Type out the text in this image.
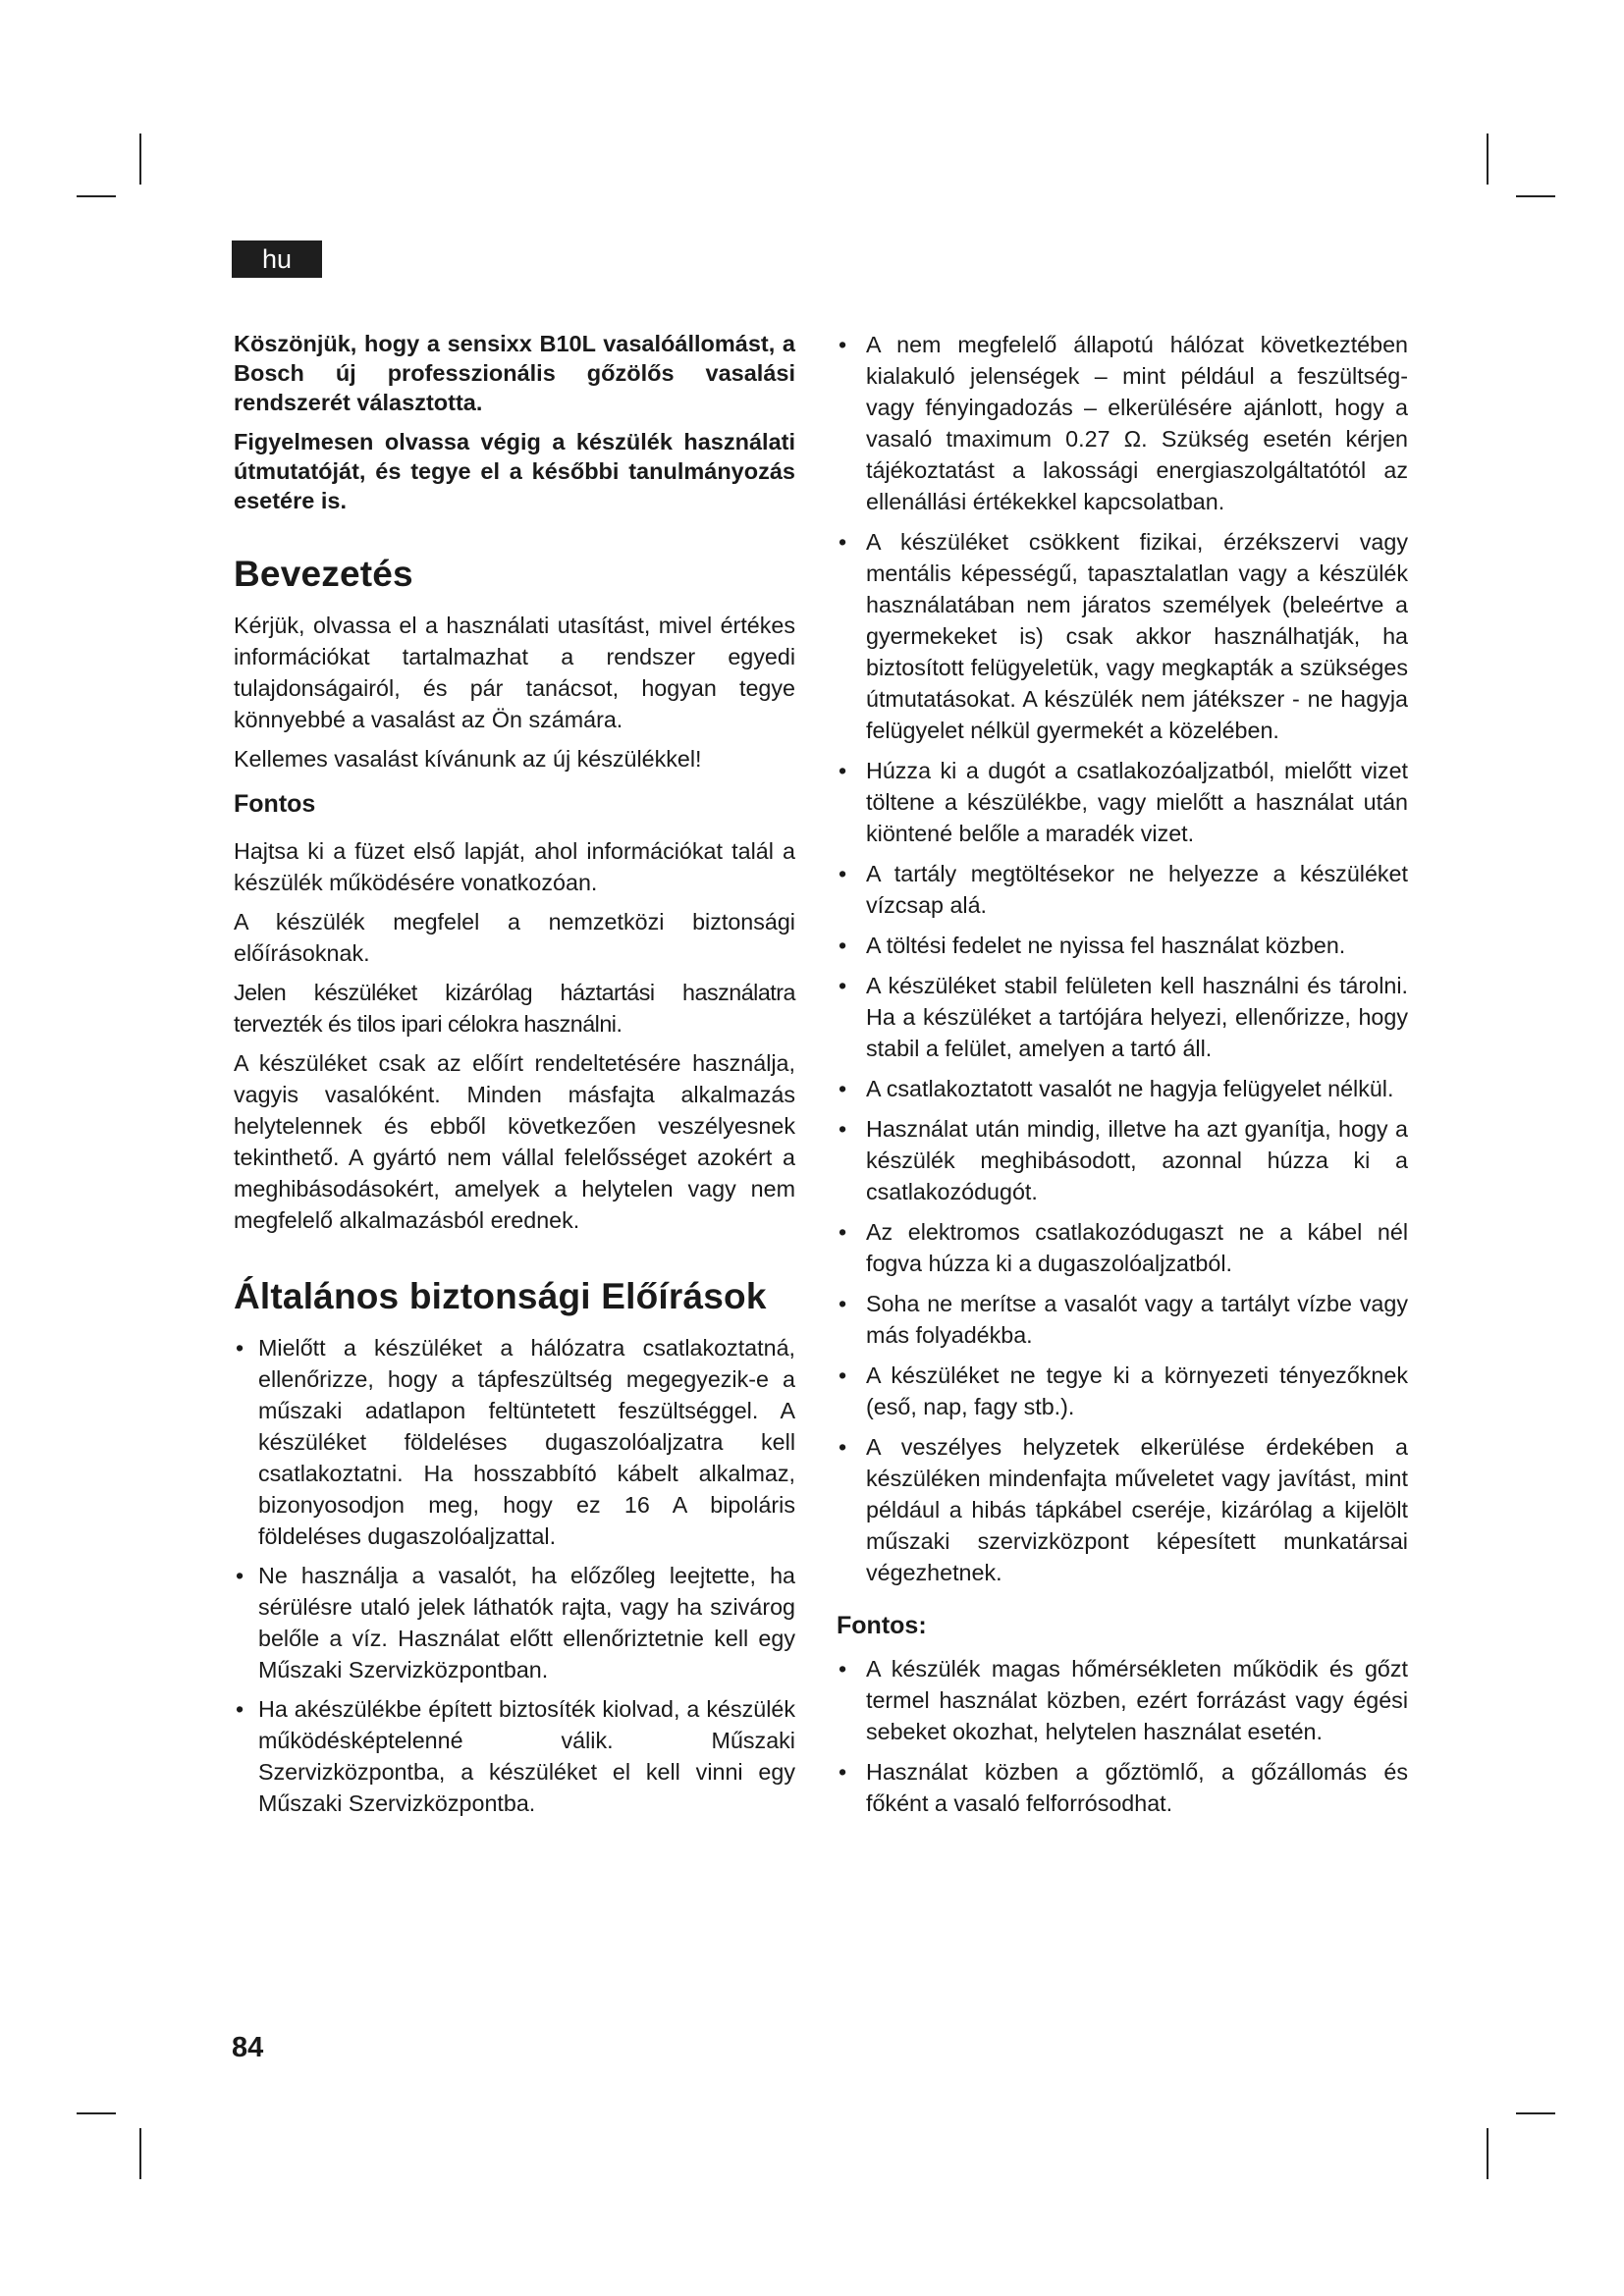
hu

Köszönjük, hogy a sensixx B10L vasalóállomást, a Bosch új professzionális gőzölős vasalási rendszerét választotta.

Figyelmesen olvassa végig a készülék használati útmutatóját, és tegye el a későbbi tanulmányozás esetére is.

Bevezetés

Kérjük, olvassa el a használati utasítást, mivel értékes információkat tartalmazhat a rendszer egyedi tulajdonságairól, és pár tanácsot, hogyan tegye könnyebbé a vasalást az Ön számára.

Kellemes vasalást kívánunk az új készülékkel!

Fontos

Hajtsa ki a füzet első lapját, ahol információkat talál a készülék működésére vonatkozóan.

A készülék megfelel a nemzetközi biztonsági előírásoknak.

Jelen készüléket kizárólag háztartási használatra tervezték és tilos ipari célokra használni.

A készüléket csak az előírt rendeltetésére használja, vagyis vasalóként. Minden másfajta alkalmazás helytelennek és ebből következően veszélyesnek tekinthető. A gyártó nem vállal felelősséget azokért a meghibásodásokért, amelyek a helytelen vagy nem megfelelő alkalmazásból erednek.

Általános biztonsági Előírások
• Mielőtt a készüléket a hálózatra csatlakoztatná, ellenőrizze, hogy a tápfeszültség megegyezik-e a műszaki adatlapon feltüntetett feszültséggel. A készüléket földeléses dugaszolóaljzatra kell csatlakoztatni. Ha hosszabbító kábelt alkalmaz, bizonyosodjon meg, hogy ez 16 A bipoláris földeléses dugaszolóaljzattal.
• Ne használja a vasalót, ha előzőleg leejtette, ha sérülésre utaló jelek láthatók rajta, vagy ha szivárog belőle a víz. Használat előtt ellenőriztetnie kell egy Műszaki Szervizközpontban.
• Ha akészülékbe épített biztosíték kiolvad, a készülék működésképtelenné válik. Műszaki Szervizközpontba, a készüléket el kell vinni egy Műszaki Szervizközpontba.
• A nem megfelelő állapotú hálózat következtében kialakuló jelenségek – mint például a feszültség- vagy fényingadozás – elkerülésére ajánlott, hogy a vasaló tmaximum 0.27 Ω. Szükség esetén kérjen tájékoztatást a lakossági energiaszolgáltatótól az ellenállási értékekkel kapcsolatban.
• A készüléket csökkent fizikai, érzékszervi vagy mentális képességű, tapasztalatlan vagy a készülék használatában nem járatos személyek (beleértve a gyermekeket is) csak akkor használhatják, ha biztosított felügyeletük, vagy megkapták a szükséges útmutatásokat. A készülék nem játékszer - ne hagyja felügyelet nélkül gyermekét a közelében.
• Húzza ki a dugót a csatlakozóaljzatból, mielőtt vizet töltene a készülékbe, vagy mielőtt a használat után kiöntené belőle a maradék vizet.
• A tartály megtöltésekor ne helyezze a készüléket vízcsap alá.
• A töltési fedelet ne nyissa fel használat közben.
• A készüléket stabil felületen kell használni és tárolni. Ha a készüléket a tartójára helyezi, ellenőrizze, hogy stabil a felület, amelyen a tartó áll.
• A csatlakoztatott vasalót ne hagyja felügyelet nélkül.
• Használat után mindig, illetve ha azt gyanítja, hogy a készülék meghibásodott, azonnal húzza ki a csatlakozódugót.
• Az elektromos csatlakozódugaszt ne a kábel nél fogva húzza ki a dugaszolóaljzatból.
• Soha ne merítse a vasalót vagy a tartályt vízbe vagy más folyadékba.
• A készüléket ne tegye ki a környezeti tényezőknek (eső, nap, fagy stb.).
• A veszélyes helyzetek elkerülése érdekében a készüléken mindenfajta műveletet vagy javítást, mint például a hibás tápkábel cseréje, kizárólag a kijelölt műszaki szervizközpont képesített munkatársai végezhetnek.
Fontos:
• A készülék magas hőmérsékleten működik és gőzt termel használat közben, ezért forrázást vagy égési sebeket okozhat, helytelen használat esetén.
• Használat közben a gőztömlő, a gőzállomás és főként a vasaló felforrósodhat.
84
